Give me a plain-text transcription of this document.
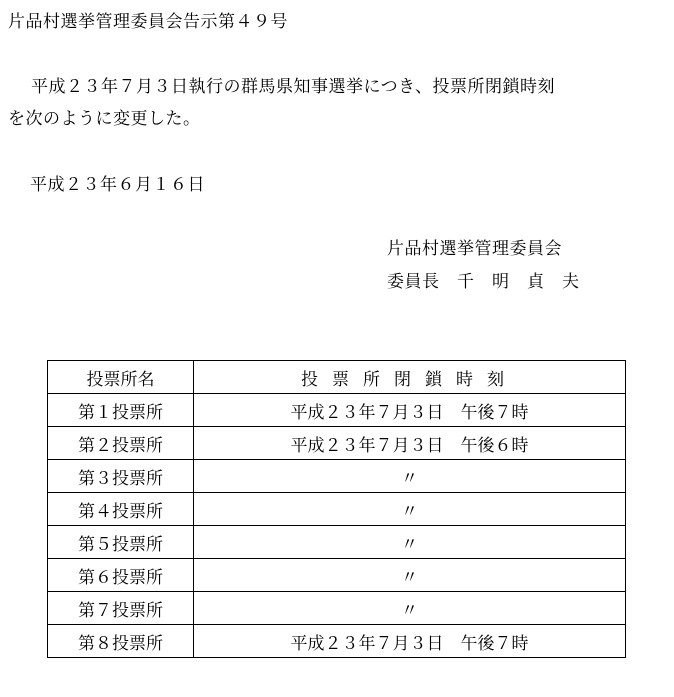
片品村選挙管理委員会告示第４９号
平成２３年７月３日執行の群馬県知事選挙につき、投票所閉鎖時刻
を次のように変更した。
平成２３年６月１６日
片品村選挙管理委員会
委員長　千　明　貞　夫
投票所名	投票所閉鎖時刻
第１投票所	平成２３年７月３日　午後７時
第２投票所	平成２３年７月３日　午後６時
第３投票所	〃
第４投票所	〃
第５投票所	〃
第６投票所	〃
第７投票所	〃
第８投票所	平成２３年７月３日　午後７時
